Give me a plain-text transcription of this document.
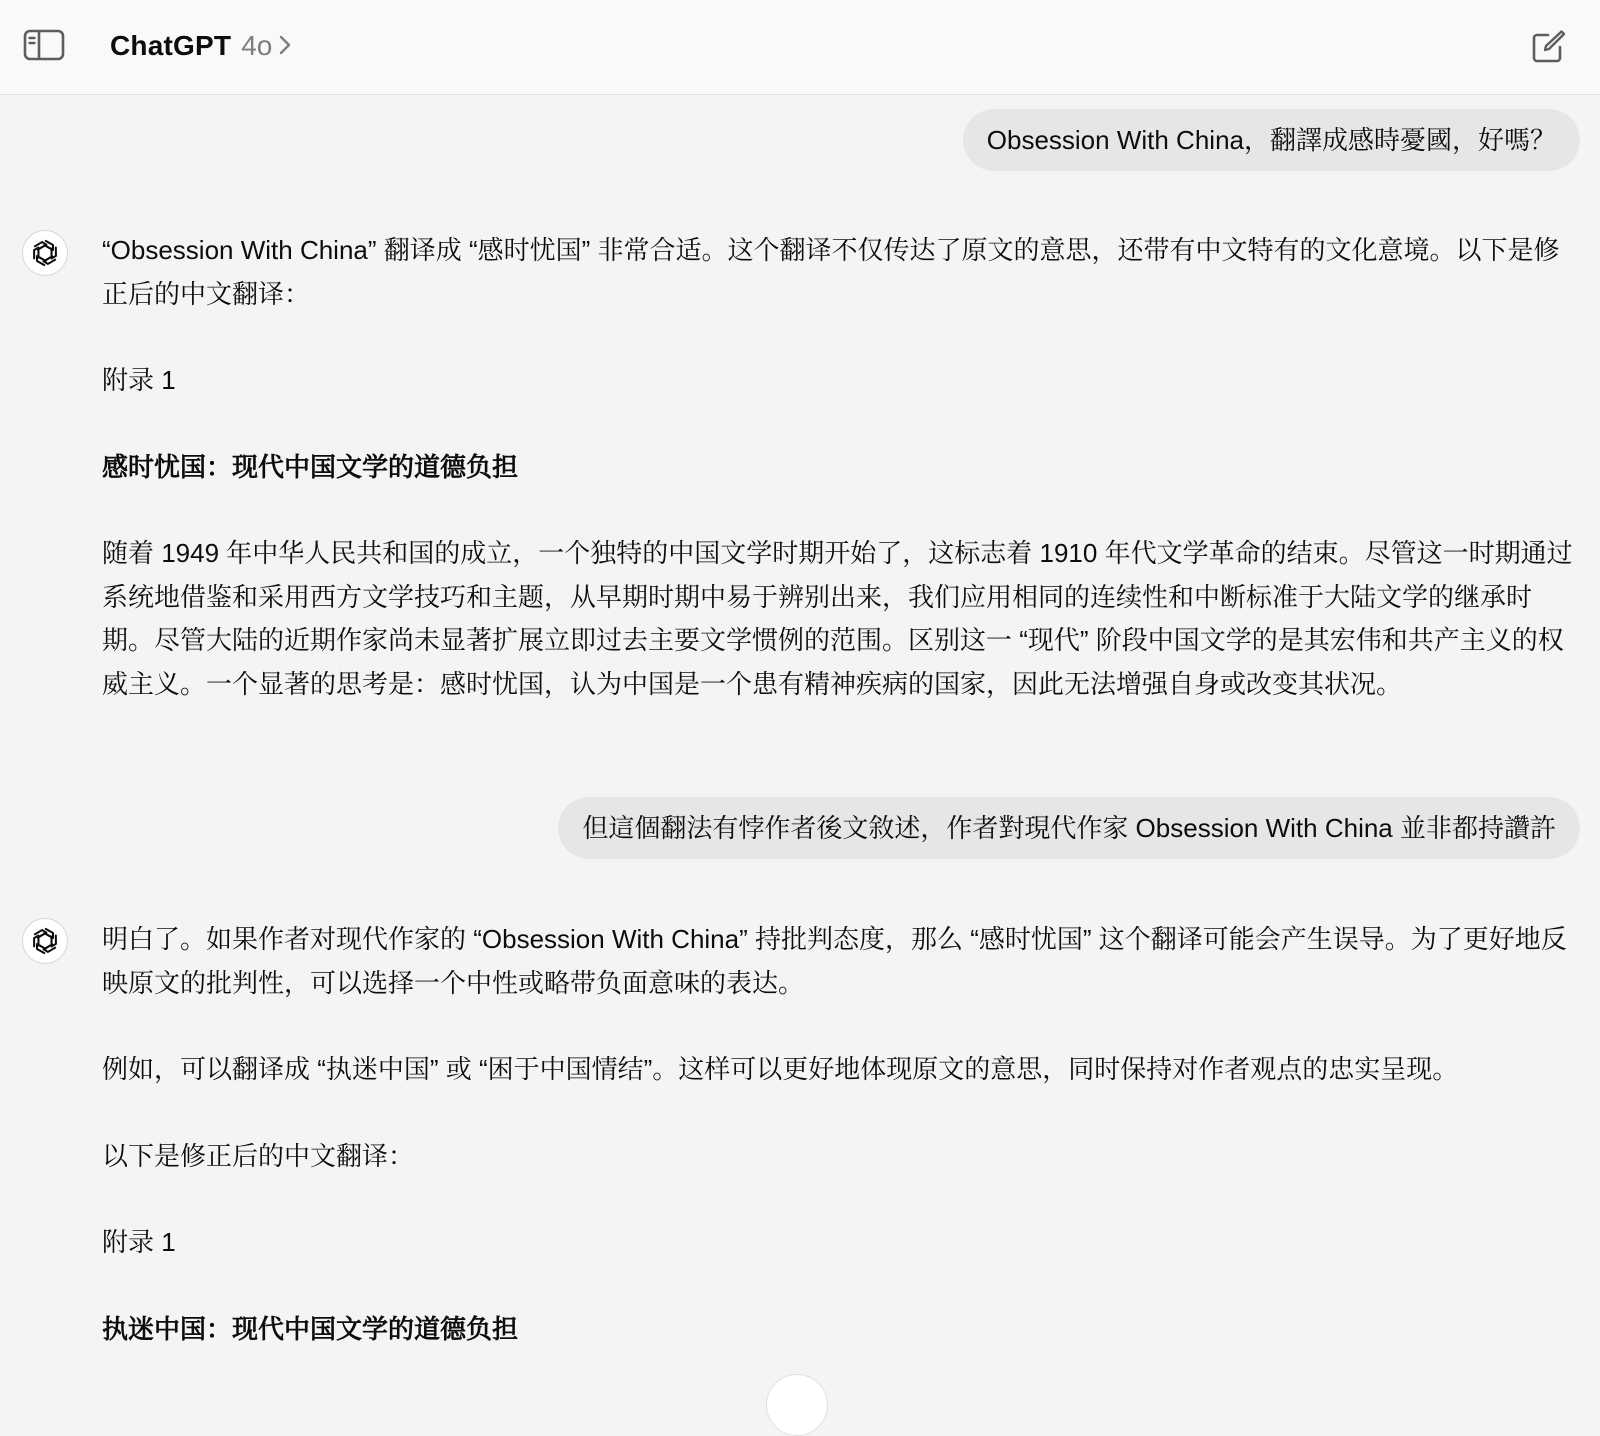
ChatGPT 4o
Obsession With China，翻譯成感時憂國，好嗎？

“Obsession With China” 翻译成 “感时忧国” 非常合适。这个翻译不仅传达了原文的意思，还带有中文特有的文化意境。以下是修正后的中文翻译：

附录 1

感时忧国：现代中国文学的道德负担

随着 1949 年中华人民共和国的成立，一个独特的中国文学时期开始了，这标志着 1910 年代文学革命的结束。尽管这一时期通过系统地借鉴和采用西方文学技巧和主题，从早期时期中易于辨别出来，我们应用相同的连续性和中断标准于大陆文学的继承时期。尽管大陆的近期作家尚未显著扩展立即过去主要文学惯例的范围。区别这一 “现代” 阶段中国文学的是其宏伟和共产主义的权威主义。一个显著的思考是：感时忧国，认为中国是一个患有精神疾病的国家，因此无法增强自身或改变其状况。

但這個翻法有悖作者後文敘述，作者對現代作家 Obsession With China 並非都持讚許

明白了。如果作者对现代作家的 “Obsession With China” 持批判态度，那么 “感时忧国” 这个翻译可能会产生误导。为了更好地反映原文的批判性，可以选择一个中性或略带负面意味的表达。

例如，可以翻译成 “执迷中国” 或 “困于中国情结”。这样可以更好地体现原文的意思，同时保持对作者观点的忠实呈现。

以下是修正后的中文翻译：

附录 1

执迷中国：现代中国文学的道德负担
